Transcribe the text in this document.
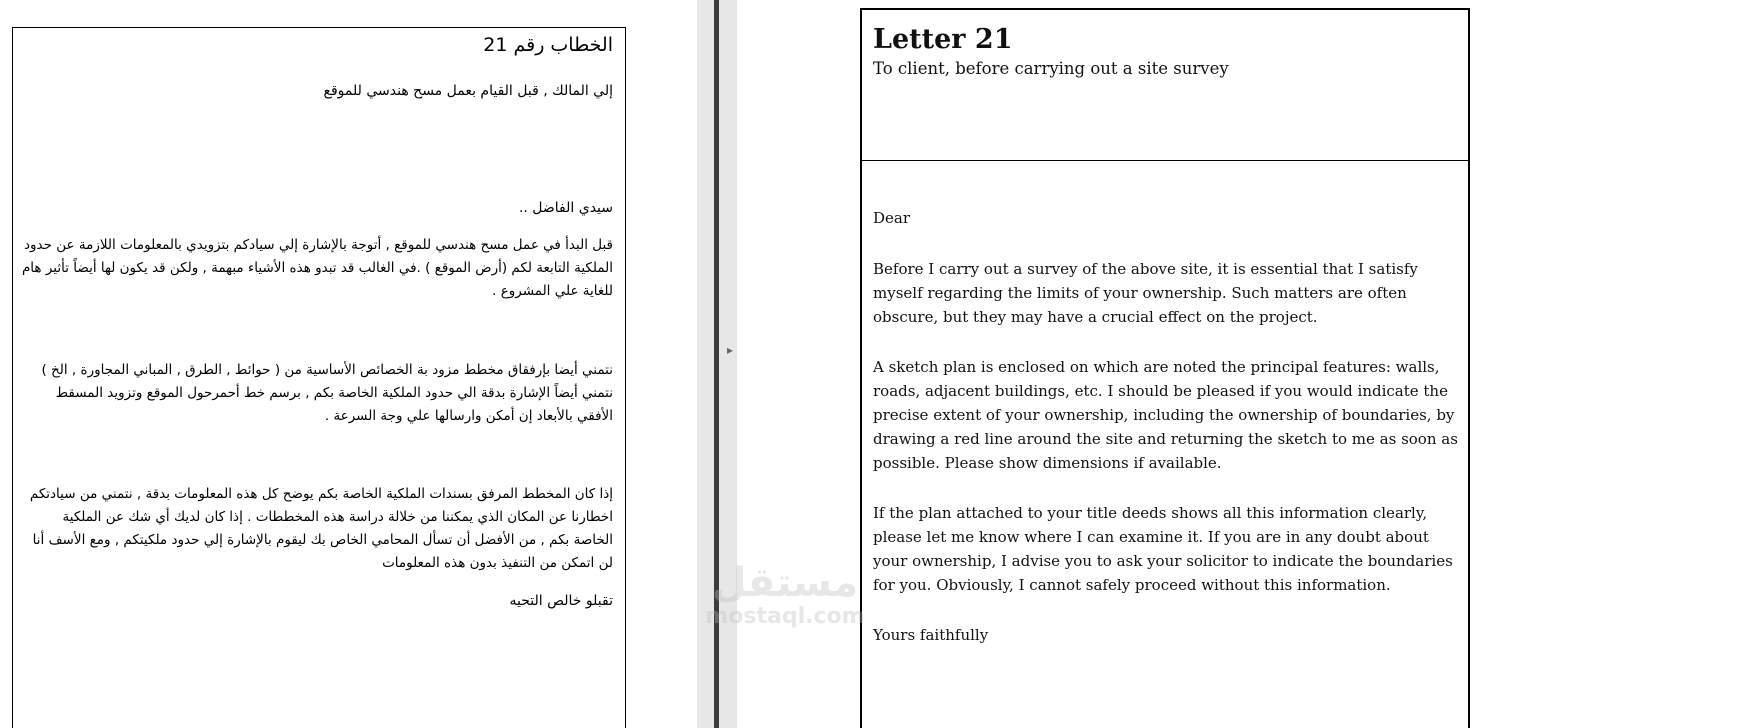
الخطاب رقم 21
إلي المالك , قبل القيام بعمل مسح هندسي للموقع
سيدي الفاضل ..
قبل البدأ في عمل مسح هندسي للموقع , أتوجة بالإشارة إلي سيادكم بتزويدي بالمعلومات اللازمة عن حدود الملكية التابعة لكم (أرض الموقع ) .في الغالب قد تبدو هذه الأشياء مبهمة , ولكن قد يكون لها أيضاً تأثير هام للغاية علي المشروع .
نتمني أيضا بإرفقاق مخطط مزود بة الخصائص الأساسية من ( حوائط , الطرق , المباني المجاورة , الخ ) نتمني أيضاً الإشارة بدقة الي حدود الملكية الخاصة بكم , برسم خط أحمرحول الموقع وتزويد المسقط الأفقي بالأبعاد إن أمكن وارسالها علي وجة السرعة .
إذا كان المخطط المرفق بسندات الملكية الخاصة بكم يوضح كل هذه المعلومات بدقة , نتمني من سيادتكم اخطارنا عن المكان الذي يمكننا من خلالة دراسة هذه المخططات . إذا كان لديك أي شك عن الملكية الخاصة بكم , من الأفضل أن تسأل المحامي الخاص بك ليقوم بالإشارة إلي حدود ملكيتكم , ومع الأسف أنا لن اتمكن من التنفيذ بدون هذه المعلومات
تقبلو خالص التحيه
▸
Letter 21
To client, before carrying out a site survey

Dear

Before I carry out a survey of the above site, it is essential that I satisfy myself regarding the limits of your ownership. Such matters are often obscure, but they may have a crucial effect on the project.

A sketch plan is enclosed on which are noted the principal features: walls, roads, adjacent buildings, etc. I should be pleased if you would indicate the precise extent of your ownership, including the ownership of boundaries, by drawing a red line around the site and returning the sketch to me as soon as possible. Please show dimensions if available.

If the plan attached to your title deeds shows all this information clearly, please let me know where I can examine it. If you are in any doubt about your ownership, I advise you to ask your solicitor to indicate the boundaries for you. Obviously, I cannot safely proceed without this information.

Yours faithfully

مستقل
mostaql.com
